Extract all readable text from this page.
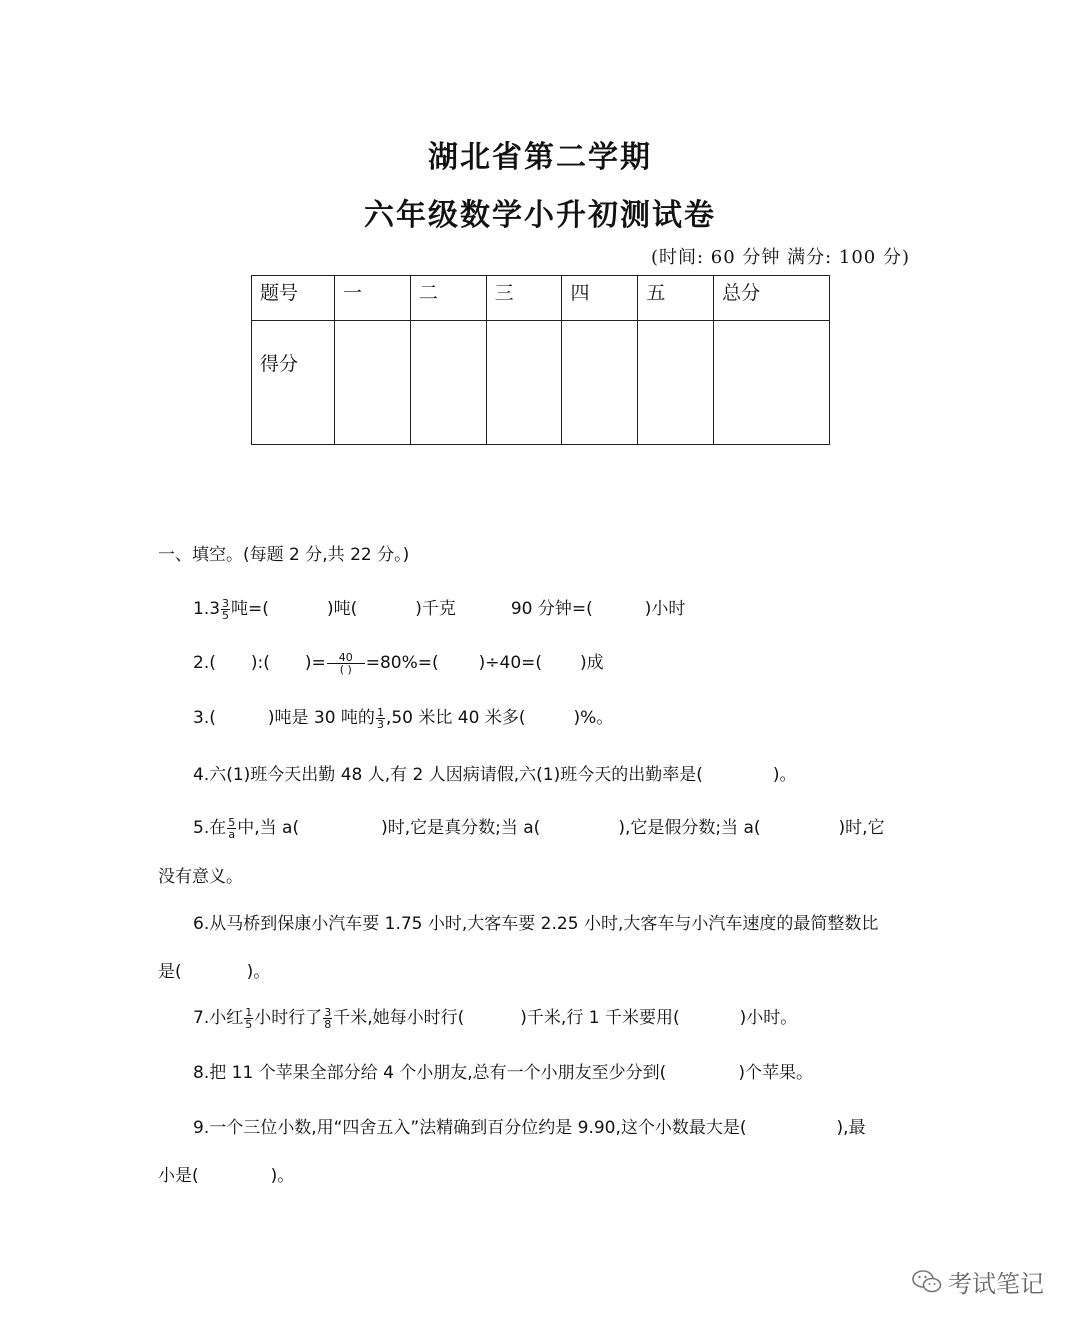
湖北省第二学期
六年级数学小升初测试卷
(时间: 60 分钟 满分: 100 分)
题号	一	二	三	四	五	总分
得分						
一、填空。(每题 2 分,共 22 分。)
$1.3 \frac{3}{5}$ 吨=(	)吨(	)千克	90 分钟=(	)小时
2.( ):( )= $\frac{40}{( )} =80\%=$( )÷40=( )成
3.(	)吨是 30 吨的 $\frac{1}{3} ,50$ 米比 40 米多(	)%。
4.六(1)班今天出勤 48 人,有 2 人因病请假,六(1)班今天的出勤率是(	)。
5.在 $\frac{5}{a}$ 中,当 a(	)时,它是真分数;当 a(	),它是假分数;当 a(	)时,它
没有意义。
6.从马桥到保康小汽车要 1.75 小时,大客车要 2.25 小时,大客车与小汽车速度的最简整数比
是(	)。
7.小红 $\frac{1}{5}$ 小时行了 $\frac{3}{8}$ 千米,她每小时行(	)千米,行 1 千米要用(	)小时。
8.把 11 个苹果全部分给 4 个小朋友,总有一个小朋友至少分到(	)个苹果。
9.一个三位小数,用“四舍五入”法精确到百分位约是 9.90,这个小数最大是(	),最
小是(	)。
考试笔记
